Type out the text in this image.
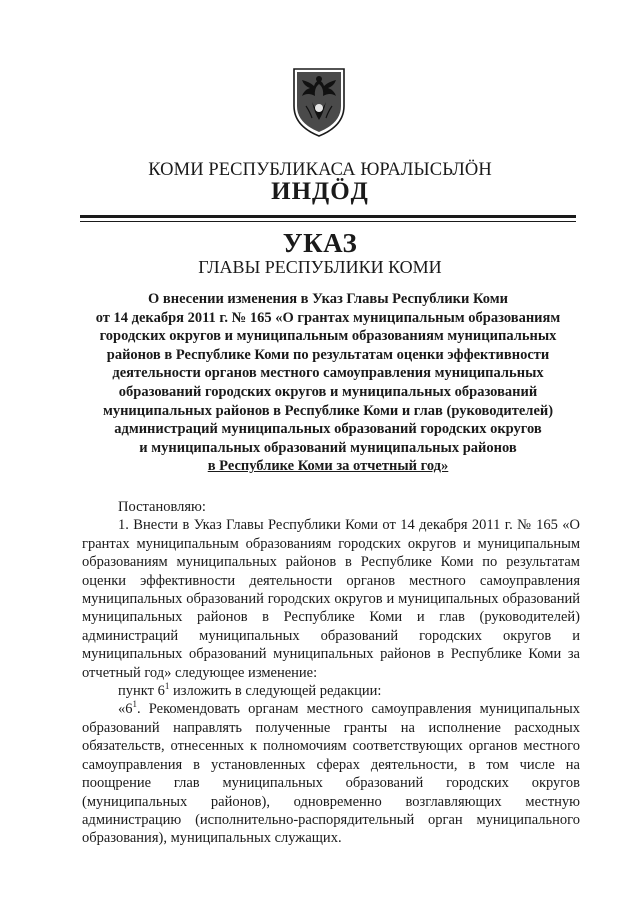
КОМИ РЕСПУБЛИКАСА ЮРАЛЫСЬЛӦН
ИНДӦД
УКАЗ
ГЛАВЫ РЕСПУБЛИКИ КОМИ
О внесении изменения в Указ Главы Республики Коми
от 14 декабря 2011 г. № 165 «О грантах муниципальным образованиям
городских округов и муниципальным образованиям муниципальных
районов в Республике Коми по результатам оценки эффективности
деятельности органов местного самоуправления муниципальных
образований городских округов и муниципальных образований
муниципальных районов в Республике Коми и глав (руководителей)
администраций муниципальных образований городских округов
и муниципальных образований муниципальных районов
в Республике Коми за отчетный год»

Постановляю:

1. Внести в Указ Главы Республики Коми от 14 декабря 2011 г. № 165 «О грантах муниципальным образованиям городских округов и муниципальным образованиям муниципальных районов в Республике Коми по результатам оценки эффективности деятельности органов местного самоуправления муниципальных образований городских округов и муниципальных образований муниципальных районов в Республике Коми и глав (руководителей) администраций муниципальных образований городских округов и муниципальных образований муниципальных районов в Республике Коми за отчетный год» следующее изменение:

пункт $6^1$ изложить в следующей редакции:

«$6^1$. Рекомендовать органам местного самоуправления муниципальных образований направлять полученные гранты на исполнение расходных обязательств, отнесенных к полномочиям соответствующих органов местного самоуправления в установленных сферах деятельности, в том числе на поощрение глав муниципальных образований городских округов (муниципальных районов), одновременно возглавляющих местную администрацию (исполнительно-распорядительный орган муниципального образования), муниципальных служащих.
